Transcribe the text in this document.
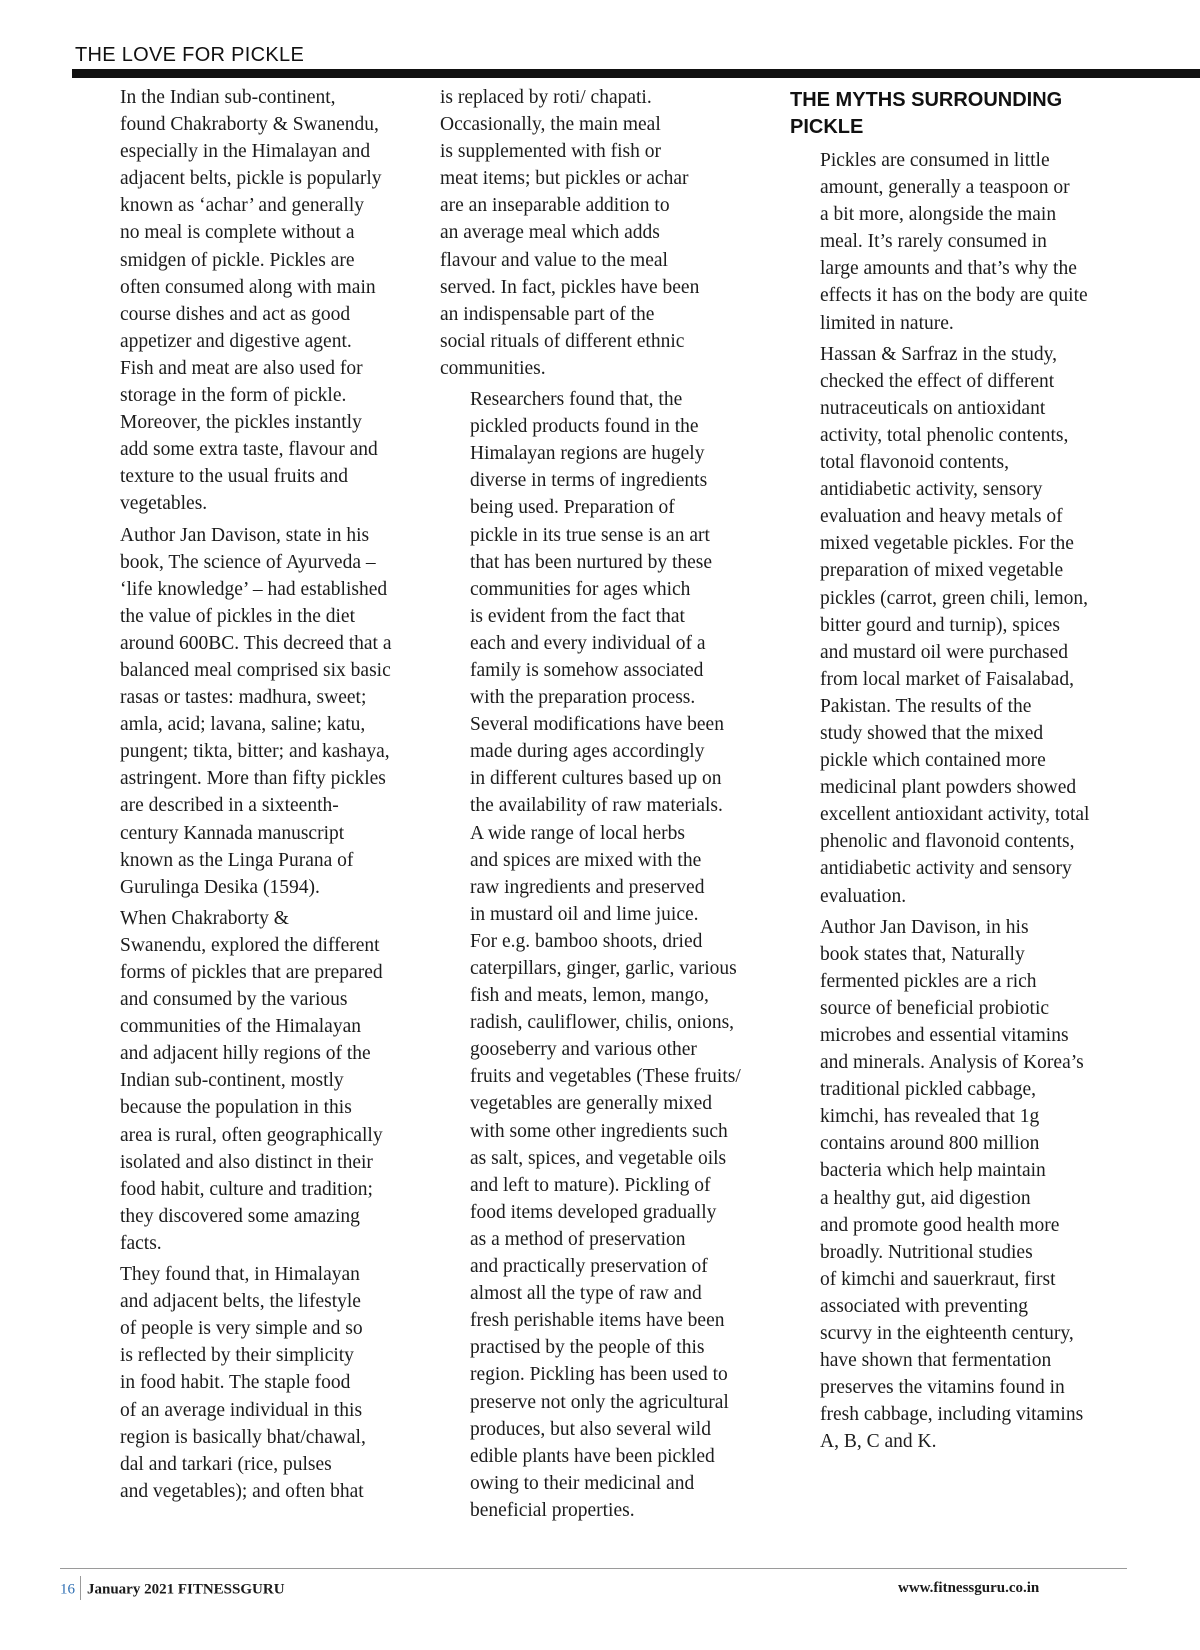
THE LOVE FOR PICKLE

In the Indian sub-continent,
found Chakraborty & Swanendu,
especially in the Himalayan and
adjacent belts, pickle is popularly
known as ‘achar’ and generally
no meal is complete without a
smidgen of pickle. Pickles are
often consumed along with main
course dishes and act as good
appetizer and digestive agent.
Fish and meat are also used for
storage in the form of pickle.
Moreover, the pickles instantly
add some extra taste, flavour and
texture to the usual fruits and
vegetables.

Author Jan Davison, state in his
book, The science of Ayurveda –
‘life knowledge’ – had established
the value of pickles in the diet
around 600BC. This decreed that a
balanced meal comprised six basic
rasas or tastes: madhura, sweet;
amla, acid; lavana, saline; katu,
pungent; tikta, bitter; and kashaya,
astringent. More than fifty pickles
are described in a sixteenth-
century Kannada manuscript
known as the Linga Purana of
Gurulinga Desika (1594).

When Chakraborty &
Swanendu, explored the different
forms of pickles that are prepared
and consumed by the various
communities of the Himalayan
and adjacent hilly regions of the
Indian sub-continent, mostly
because the population in this
area is rural, often geographically
isolated and also distinct in their
food habit, culture and tradition;
they discovered some amazing
facts.

They found that, in Himalayan
and adjacent belts, the lifestyle
of people is very simple and so
is reflected by their simplicity
in food habit. The staple food
of an average individual in this
region is basically bhat/chawal,
dal and tarkari (rice, pulses
and vegetables); and often bhat

is replaced by roti/ chapati.
Occasionally, the main meal
is supplemented with fish or
meat items; but pickles or achar
are an inseparable addition to
an average meal which adds
flavour and value to the meal
served. In fact, pickles have been
an indispensable part of the
social rituals of different ethnic
communities.

Researchers found that, the
pickled products found in the
Himalayan regions are hugely
diverse in terms of ingredients
being used. Preparation of
pickle in its true sense is an art
that has been nurtured by these
communities for ages which
is evident from the fact that
each and every individual of a
family is somehow associated
with the preparation process.
Several modifications have been
made during ages accordingly
in different cultures based up on
the availability of raw materials.
A wide range of local herbs
and spices are mixed with the
raw ingredients and preserved
in mustard oil and lime juice.
For e.g. bamboo shoots, dried
caterpillars, ginger, garlic, various
fish and meats, lemon, mango,
radish, cauliflower, chilis, onions,
gooseberry and various other
fruits and vegetables (These fruits/
vegetables are generally mixed
with some other ingredients such
as salt, spices, and vegetable oils
and left to mature). Pickling of
food items developed gradually
as a method of preservation
and practically preservation of
almost all the type of raw and
fresh perishable items have been
practised by the people of this
region. Pickling has been used to
preserve not only the agricultural
produces, but also several wild
edible plants have been pickled
owing to their medicinal and
beneficial properties.

THE MYTHS SURROUNDING
PICKLE

Pickles are consumed in little
amount, generally a teaspoon or
a bit more, alongside the main
meal. It’s rarely consumed in
large amounts and that’s why the
effects it has on the body are quite
limited in nature.

Hassan & Sarfraz in the study,
checked the effect of different
nutraceuticals on antioxidant
activity, total phenolic contents,
total flavonoid contents,
antidiabetic activity, sensory
evaluation and heavy metals of
mixed vegetable pickles. For the
preparation of mixed vegetable
pickles (carrot, green chili, lemon,
bitter gourd and turnip), spices
and mustard oil were purchased
from local market of Faisalabad,
Pakistan. The results of the
study showed that the mixed
pickle which contained more
medicinal plant powders showed
excellent antioxidant activity, total
phenolic and flavonoid contents,
antidiabetic activity and sensory
evaluation.

Author Jan Davison, in his
book states that, Naturally
fermented pickles are a rich
source of beneficial probiotic
microbes and essential vitamins
and minerals. Analysis of Korea’s
traditional pickled cabbage,
kimchi, has revealed that 1g
contains around 800 million
bacteria which help maintain
a healthy gut, aid digestion
and promote good health more
broadly. Nutritional studies
of kimchi and sauerkraut, first
associated with preventing
scurvy in the eighteenth century,
have shown that fermentation
preserves the vitamins found in
fresh cabbage, including vitamins
A, B, C and K.

16 January 2021 FITNESSGURU	www.fitnessguru.co.in
